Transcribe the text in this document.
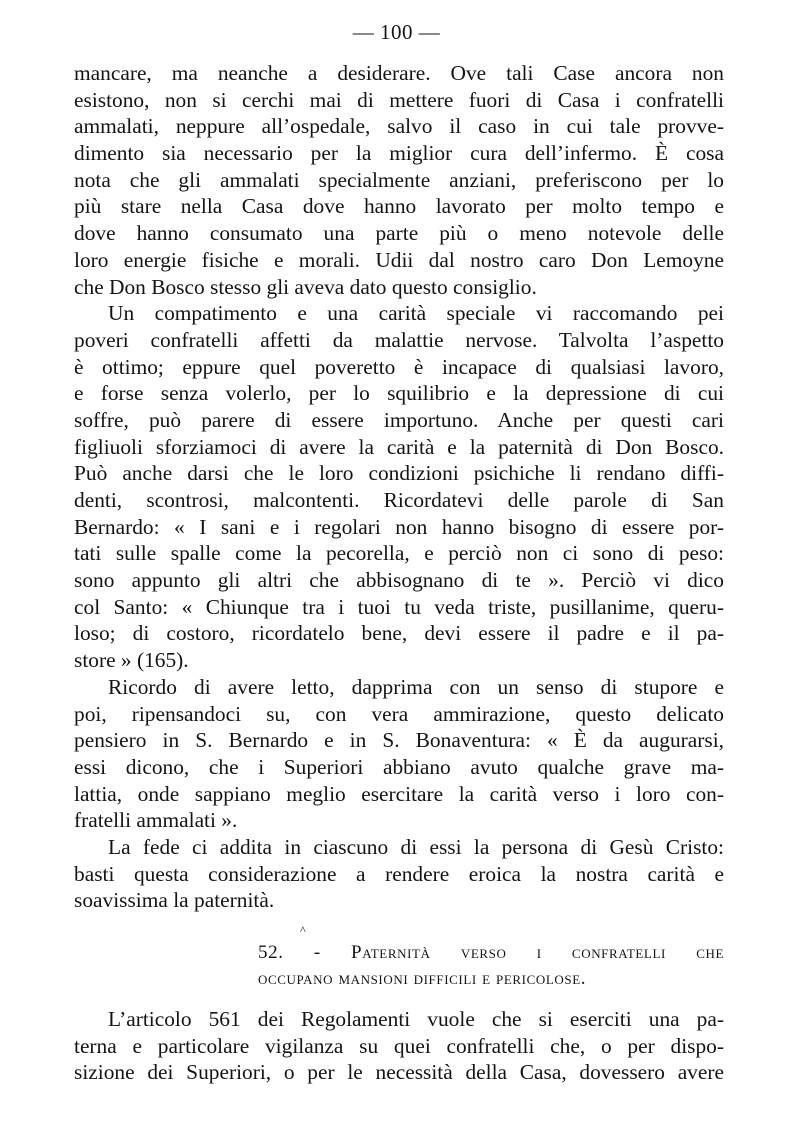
— 100 —
mancare, ma neanche a desiderare. Ove tali Case ancora non
esistono, non si cerchi mai di mettere fuori di Casa i confratelli
ammalati, neppure all’ospedale, salvo il caso in cui tale provve-
dimento sia necessario per la miglior cura dell’infermo. È cosa
nota che gli ammalati specialmente anziani, preferiscono per lo
più stare nella Casa dove hanno lavorato per molto tempo e
dove hanno consumato una parte più o meno notevole delle
loro energie fisiche e morali. Udii dal nostro caro Don Lemoyne
che Don Bosco stesso gli aveva dato questo consiglio.
Un compatimento e una carità speciale vi raccomando pei
poveri confratelli affetti da malattie nervose. Talvolta l’aspetto
è ottimo; eppure quel poveretto è incapace di qualsiasi lavoro,
e forse senza volerlo, per lo squilibrio e la depressione di cui
soffre, può parere di essere importuno. Anche per questi cari
figliuoli sforziamoci di avere la carità e la paternità di Don Bosco.
Può anche darsi che le loro condizioni psichiche li rendano diffi-
denti, scontrosi, malcontenti. Ricordatevi delle parole di San
Bernardo: « I sani e i regolari non hanno bisogno di essere por-
tati sulle spalle come la pecorella, e perciò non ci sono di peso:
sono appunto gli altri che abbisognano di te ». Perciò vi dico
col Santo: « Chiunque tra i tuoi tu veda triste, pusillanime, queru-
loso; di costoro, ricordatelo bene, devi essere il padre e il pa-
store » (165).
Ricordo di avere letto, dapprima con un senso di stupore e
poi, ripensandoci su, con vera ammirazione, questo delicato
pensiero in S. Bernardo e in S. Bonaventura: « È da augurarsi,
essi dicono, che i Superiori abbiano avuto qualche grave ma-
lattia, onde sappiano meglio esercitare la carità verso i loro con-
fratelli ammalati ».
La fede ci addita in ciascuno di essi la persona di Gesù Cristo:
basti questa considerazione a rendere eroica la nostra carità e
soavissima la paternità.
^
52. - Paternità verso i confratelli che
occupano mansioni difficili e pericolose.
L’articolo 561 dei Regolamenti vuole che si eserciti una pa-
terna e particolare vigilanza su quei confratelli che, o per dispo-
sizione dei Superiori, o per le necessità della Casa, dovessero avere
